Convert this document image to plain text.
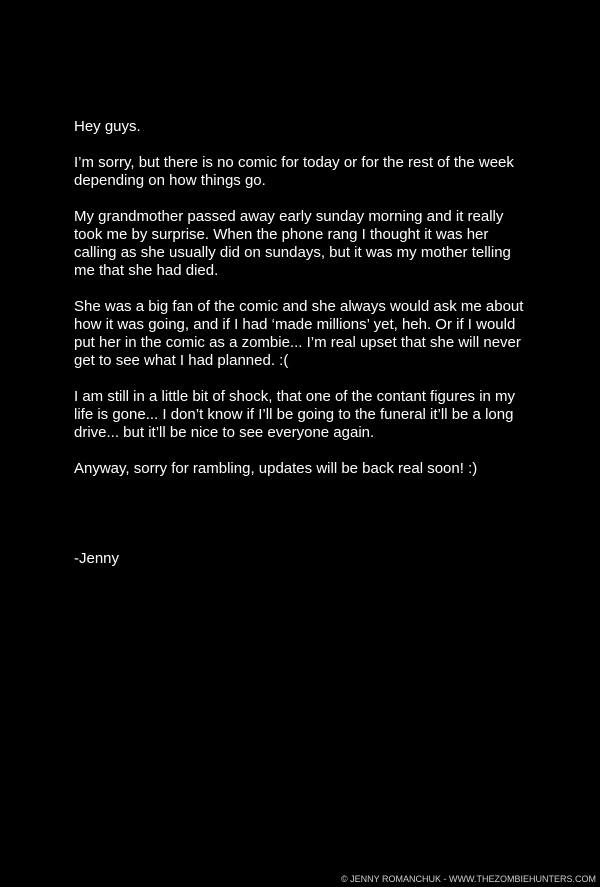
Hey guys.

I’m sorry, but there is no comic for today or for the rest of the week
depending on how things go.

My grandmother passed away early sunday morning and it really
took me by surprise. When the phone rang I thought it was her
calling as she usually did on sundays, but it was my mother telling
me that she had died.

She was a big fan of the comic and she always would ask me about
how it was going, and if I had ‘made millions’ yet, heh. Or if I would
put her in the comic as a zombie... I’m real upset that she will never
get to see what I had planned. :(

I am still in a little bit of shock, that one of the contant figures in my
life is gone... I don’t know if I’ll be going to the funeral it’ll be a long
drive... but it’ll be nice to see everyone again.

Anyway, sorry for rambling, updates will be back real soon! :)

-Jenny
© JENNY ROMANCHUK - WWW.THEZOMBIEHUNTERS.COM
